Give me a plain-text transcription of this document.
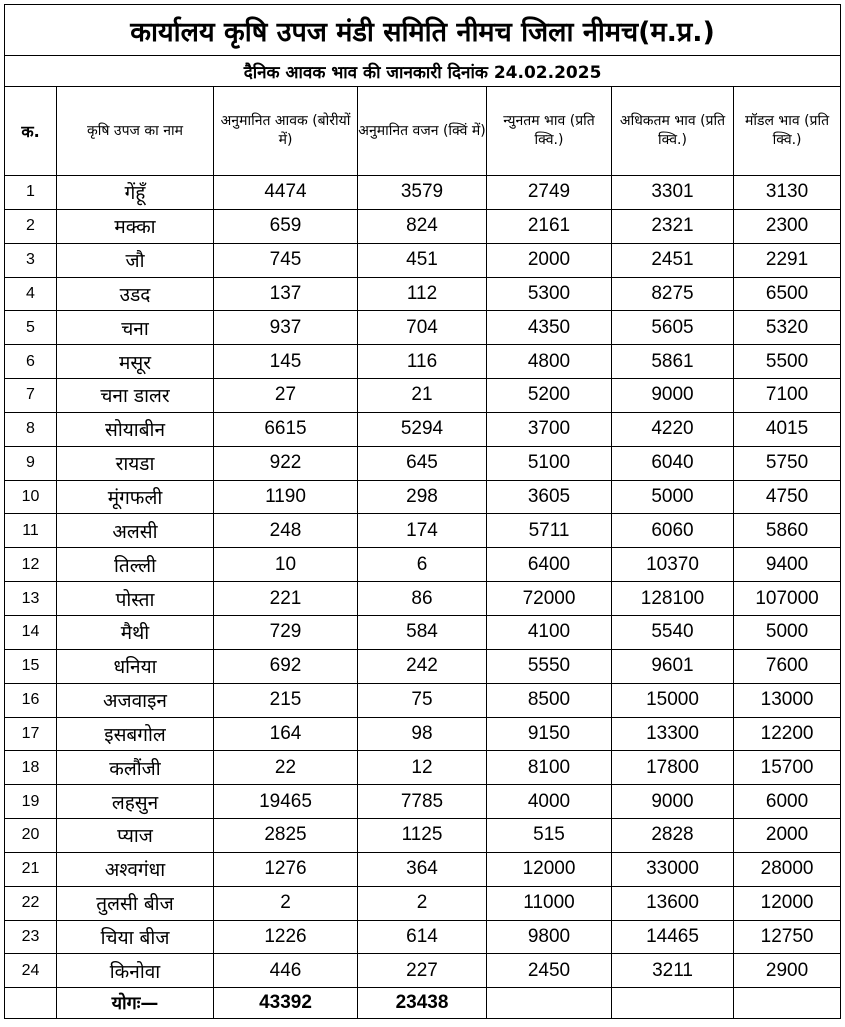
कार्यालय कृषि उपज मंडी समिति नीमच जिला नीमच(म.प्र.)						
दैनिक आवक भाव की जानकारी दिनांक 24.02.2025						
क.	कृषि उपज का नाम	अनुमानित आवक (बोरीयों में)	अनुमानित वजन (क्विं में)	न्युनतम भाव (प्रति क्वि.)	अधिकतम भाव (प्रति क्वि.)	मॉडल भाव (प्रति क्वि.)
1	गेंहूँ	4474	3579	2749	3301	3130
2	मक्का	659	824	2161	2321	2300
3	जौ	745	451	2000	2451	2291
4	उडद	137	112	5300	8275	6500
5	चना	937	704	4350	5605	5320
6	मसूर	145	116	4800	5861	5500
7	चना डालर	27	21	5200	9000	7100
8	सोयाबीन	6615	5294	3700	4220	4015
9	रायडा	922	645	5100	6040	5750
10	मूंगफली	1190	298	3605	5000	4750
11	अलसी	248	174	5711	6060	5860
12	तिल्ली	10	6	6400	10370	9400
13	पोस्ता	221	86	72000	128100	107000
14	मैथी	729	584	4100	5540	5000
15	धनिया	692	242	5550	9601	7600
16	अजवाइन	215	75	8500	15000	13000
17	इसबगोल	164	98	9150	13300	12200
18	कलौंजी	22	12	8100	17800	15700
19	लहसुन	19465	7785	4000	9000	6000
20	प्याज	2825	1125	515	2828	2000
21	अश्वगंधा	1276	364	12000	33000	28000
22	तुलसी बीज	2	2	11000	13600	12000
23	चिया बीज	1226	614	9800	14465	12750
24	किनोवा	446	227	2450	3211	2900
	योगः—	43392	23438			
